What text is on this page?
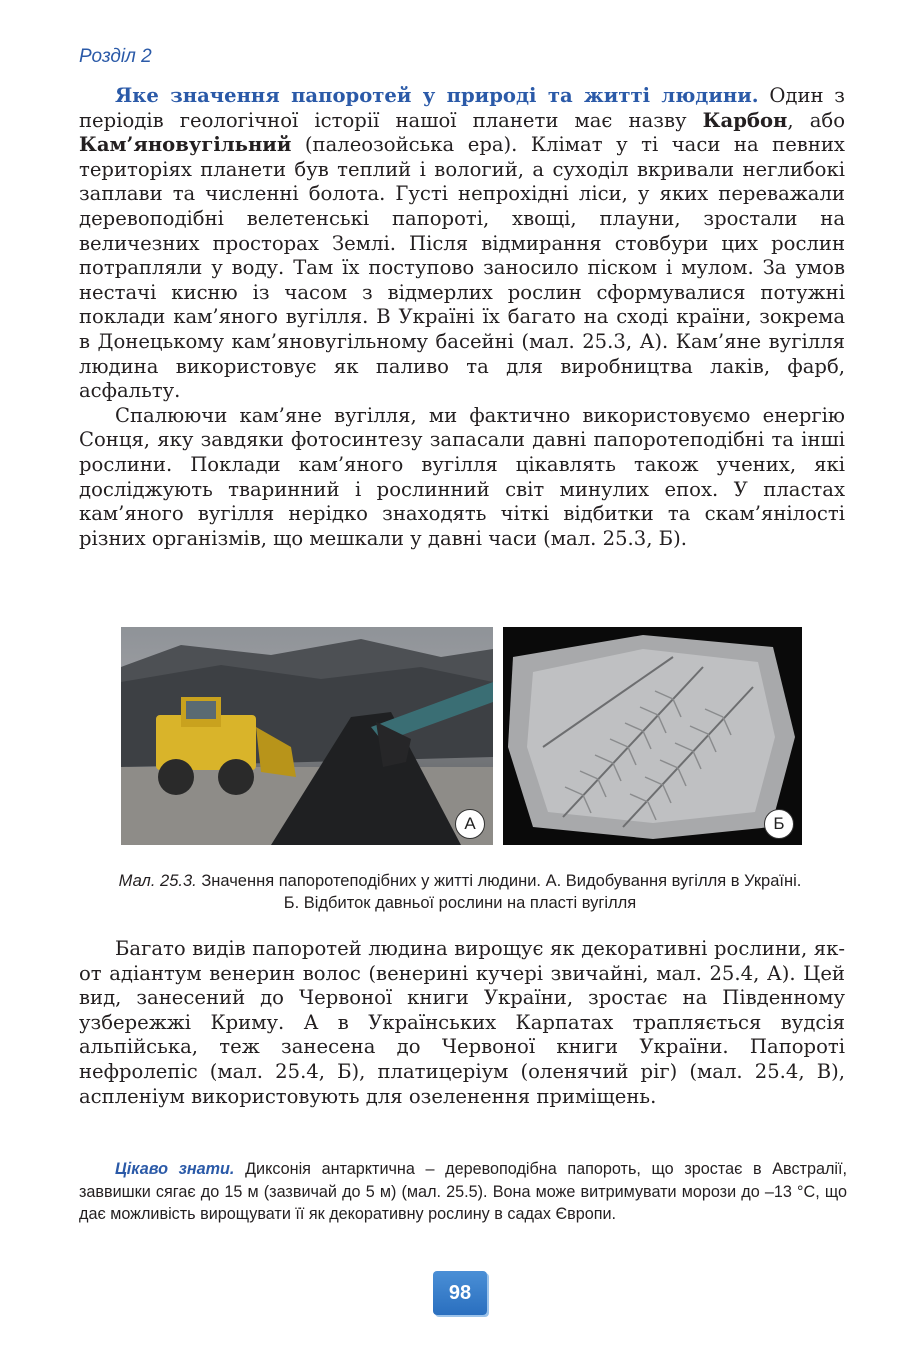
Розділ 2

Яке значення папоротей у природі та житті людини. Один з періодів геологічної історії нашої планети має назву Карбон, або Кам’яновугільний (палеозойська ера). Клімат у ті часи на певних територіях планети був теплий і вологий, а суходіл вкривали неглибокі заплави та численні болота. Густі непрохідні ліси, у яких переважали деревоподібні велетенські папороті, хвощі, плауни, зростали на величезних просторах Землі. Після відмирання стовбури цих рослин потрапляли у воду. Там їх поступово заносило піском і мулом. За умов нестачі кисню із часом з відмерлих рослин сформувалися потужні поклади кам’яного вугілля. В Україні їх багато на сході країни, зокрема в Донецькому кам’яновугільному басейні (мал. 25.3, А). Кам’яне вугілля людина використовує як паливо та для виробництва лаків, фарб, асфальту.

Спалюючи кам’яне вугілля, ми фактично використовуємо енергію Сонця, яку завдяки фотосинтезу запасали давні папоротеподібні та інші рослини. Поклади кам’яного вугілля цікавлять також учених, які досліджують тваринний і рослинний світ минулих епох. У пластах кам’яного вугілля нерідко знаходять чіткі відбитки та скам’янілості різних організмів, що мешкали у давні часи (мал. 25.3, Б).

А	Б
Мал. 25.3. Значення папоротеподібних у житті людини. А. Видобування вугілля в Україні. Б. Відбиток давньої рослини на пласті вугілля

Багато видів папоротей людина вирощує як декоративні рослини, як-от адіантум венерин волос (венерині кучері звичайні, мал. 25.4, А). Цей вид, занесений до Червоної книги України, зростає на Південному узбережжі Криму. А в Українських Карпатах трапляється вудсія альпійська, теж занесена до Червоної книги України. Папороті нефролепіс (мал. 25.4, Б), платицеріум (оленячий ріг) (мал. 25.4, В), аспленіум використовують для озеленення приміщень.

Цікаво знати. Диксонія антарктична – деревоподібна папороть, що зростає в Австралії, заввишки сягає до 15 м (зазвичай до 5 м) (мал. 25.5). Вона може витримувати морози до –13 °С, що дає можливість вирощувати її як декоративну рослину в садах Європи.
98
